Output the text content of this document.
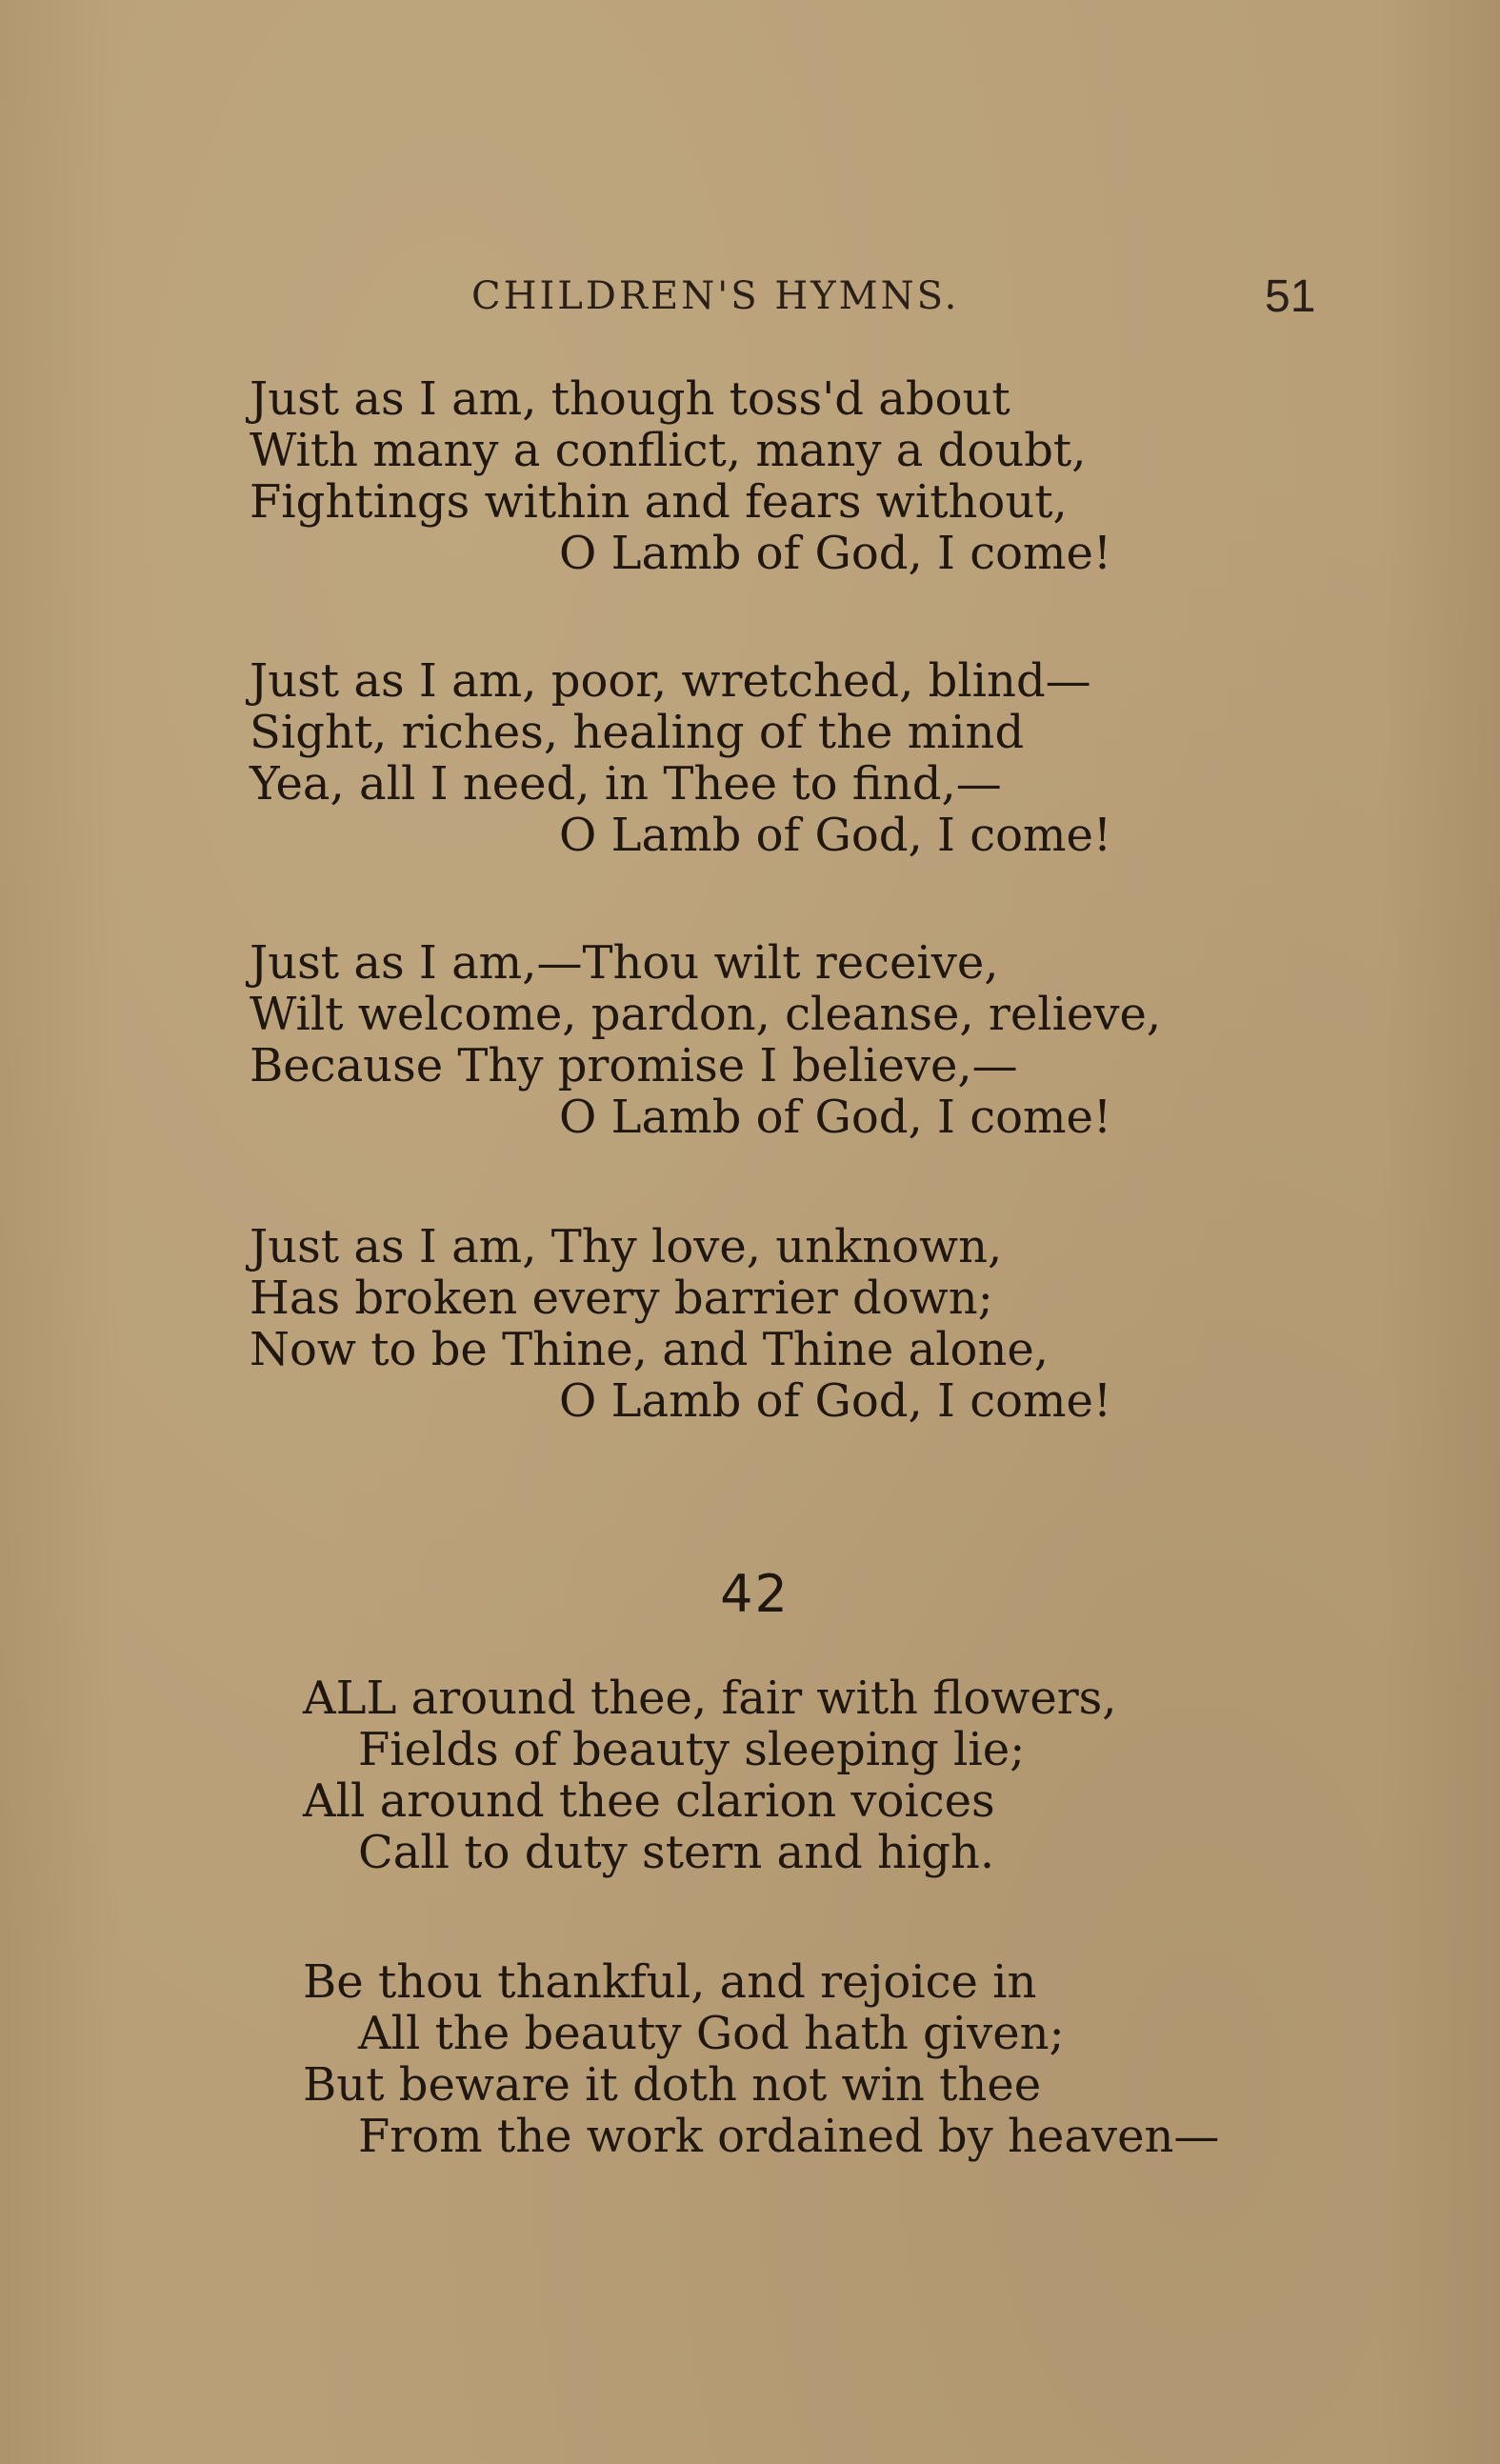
CHILDREN'S HYMNS.	51
Just as I am, though toss'd about
With many a conflict, many a doubt,
Fightings within and fears without,
O Lamb of God, I come!
Just as I am, poor, wretched, blind—
Sight, riches, healing of the mind
Yea, all I need, in Thee to find,—
O Lamb of God, I come!
Just as I am,—Thou wilt receive,
Wilt welcome, pardon, cleanse, relieve,
Because Thy promise I believe,—
O Lamb of God, I come!
Just as I am, Thy love, unknown,
Has broken every barrier down;
Now to be Thine, and Thine alone,
O Lamb of God, I come!
42
ALL around thee, fair with flowers,
Fields of beauty sleeping lie;
All around thee clarion voices
Call to duty stern and high.
Be thou thankful, and rejoice in
All the beauty God hath given;
But beware it doth not win thee
From the work ordained by heaven—
